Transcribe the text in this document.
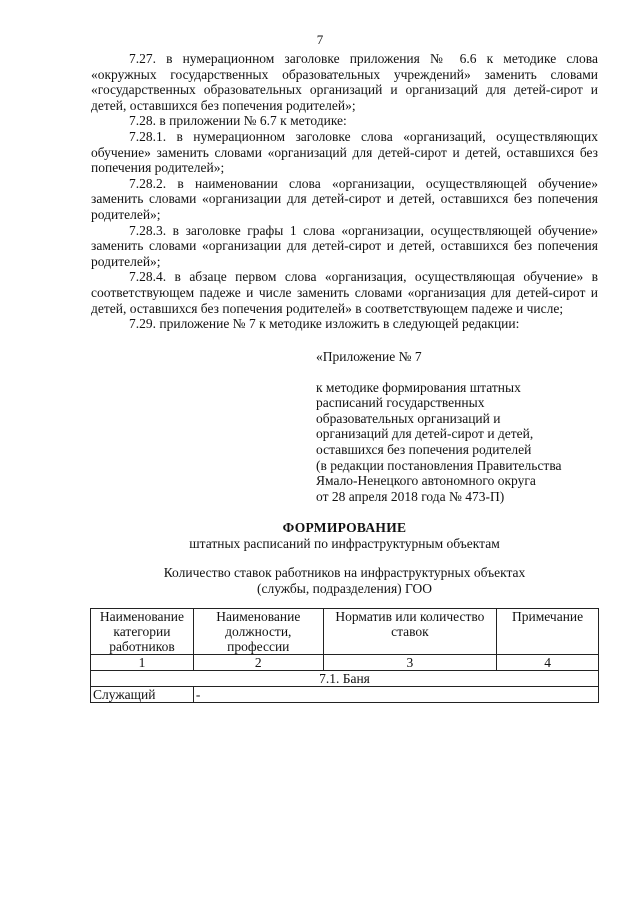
7

7.27. в нумерационном заголовке приложения № 6.6 к методике слова «окружных государственных образовательных учреждений» заменить словами «государственных образовательных организаций и организаций для детей-сирот и детей, оставшихся без попечения родителей»;

7.28. в приложении № 6.7 к методике:

7.28.1. в нумерационном заголовке слова «организаций, осуществляющих обучение» заменить словами «организаций для детей-сирот и детей, оставшихся без попечения родителей»;

7.28.2. в наименовании слова «организации, осуществляющей обучение» заменить словами «организации для детей-сирот и детей, оставшихся без попечения родителей»;

7.28.3. в заголовке графы 1 слова «организации, осуществляющей обучение» заменить словами «организации для детей-сирот и детей, оставшихся без попечения родителей»;

7.28.4. в абзаце первом слова «организация, осуществляющая обучение» в соответствующем падеже и числе заменить словами «организация для детей-сирот и детей, оставшихся без попечения родителей» в соответствующем падеже и числе;

7.29. приложение № 7 к методике изложить в следующей редакции:

«Приложение № 7

к методике формирования штатных

расписаний государственных

образовательных организаций и

организаций для детей-сирот и детей,

оставшихся без попечения родителей

(в редакции постановления Правительства

Ямало-Ненецкого автономного округа

от 28 апреля 2018 года № 473-П)

ФОРМИРОВАНИЕ
штатных расписаний по инфраструктурным объектам
Количество ставок работников на инфраструктурных объектах
(службы, подразделения) ГОО
Наименование категории работников	Наименование должности, профессии	Норматив или количество ставок	Примечание
1	2	3	4
7.1. Баня			
Служащий	-		
